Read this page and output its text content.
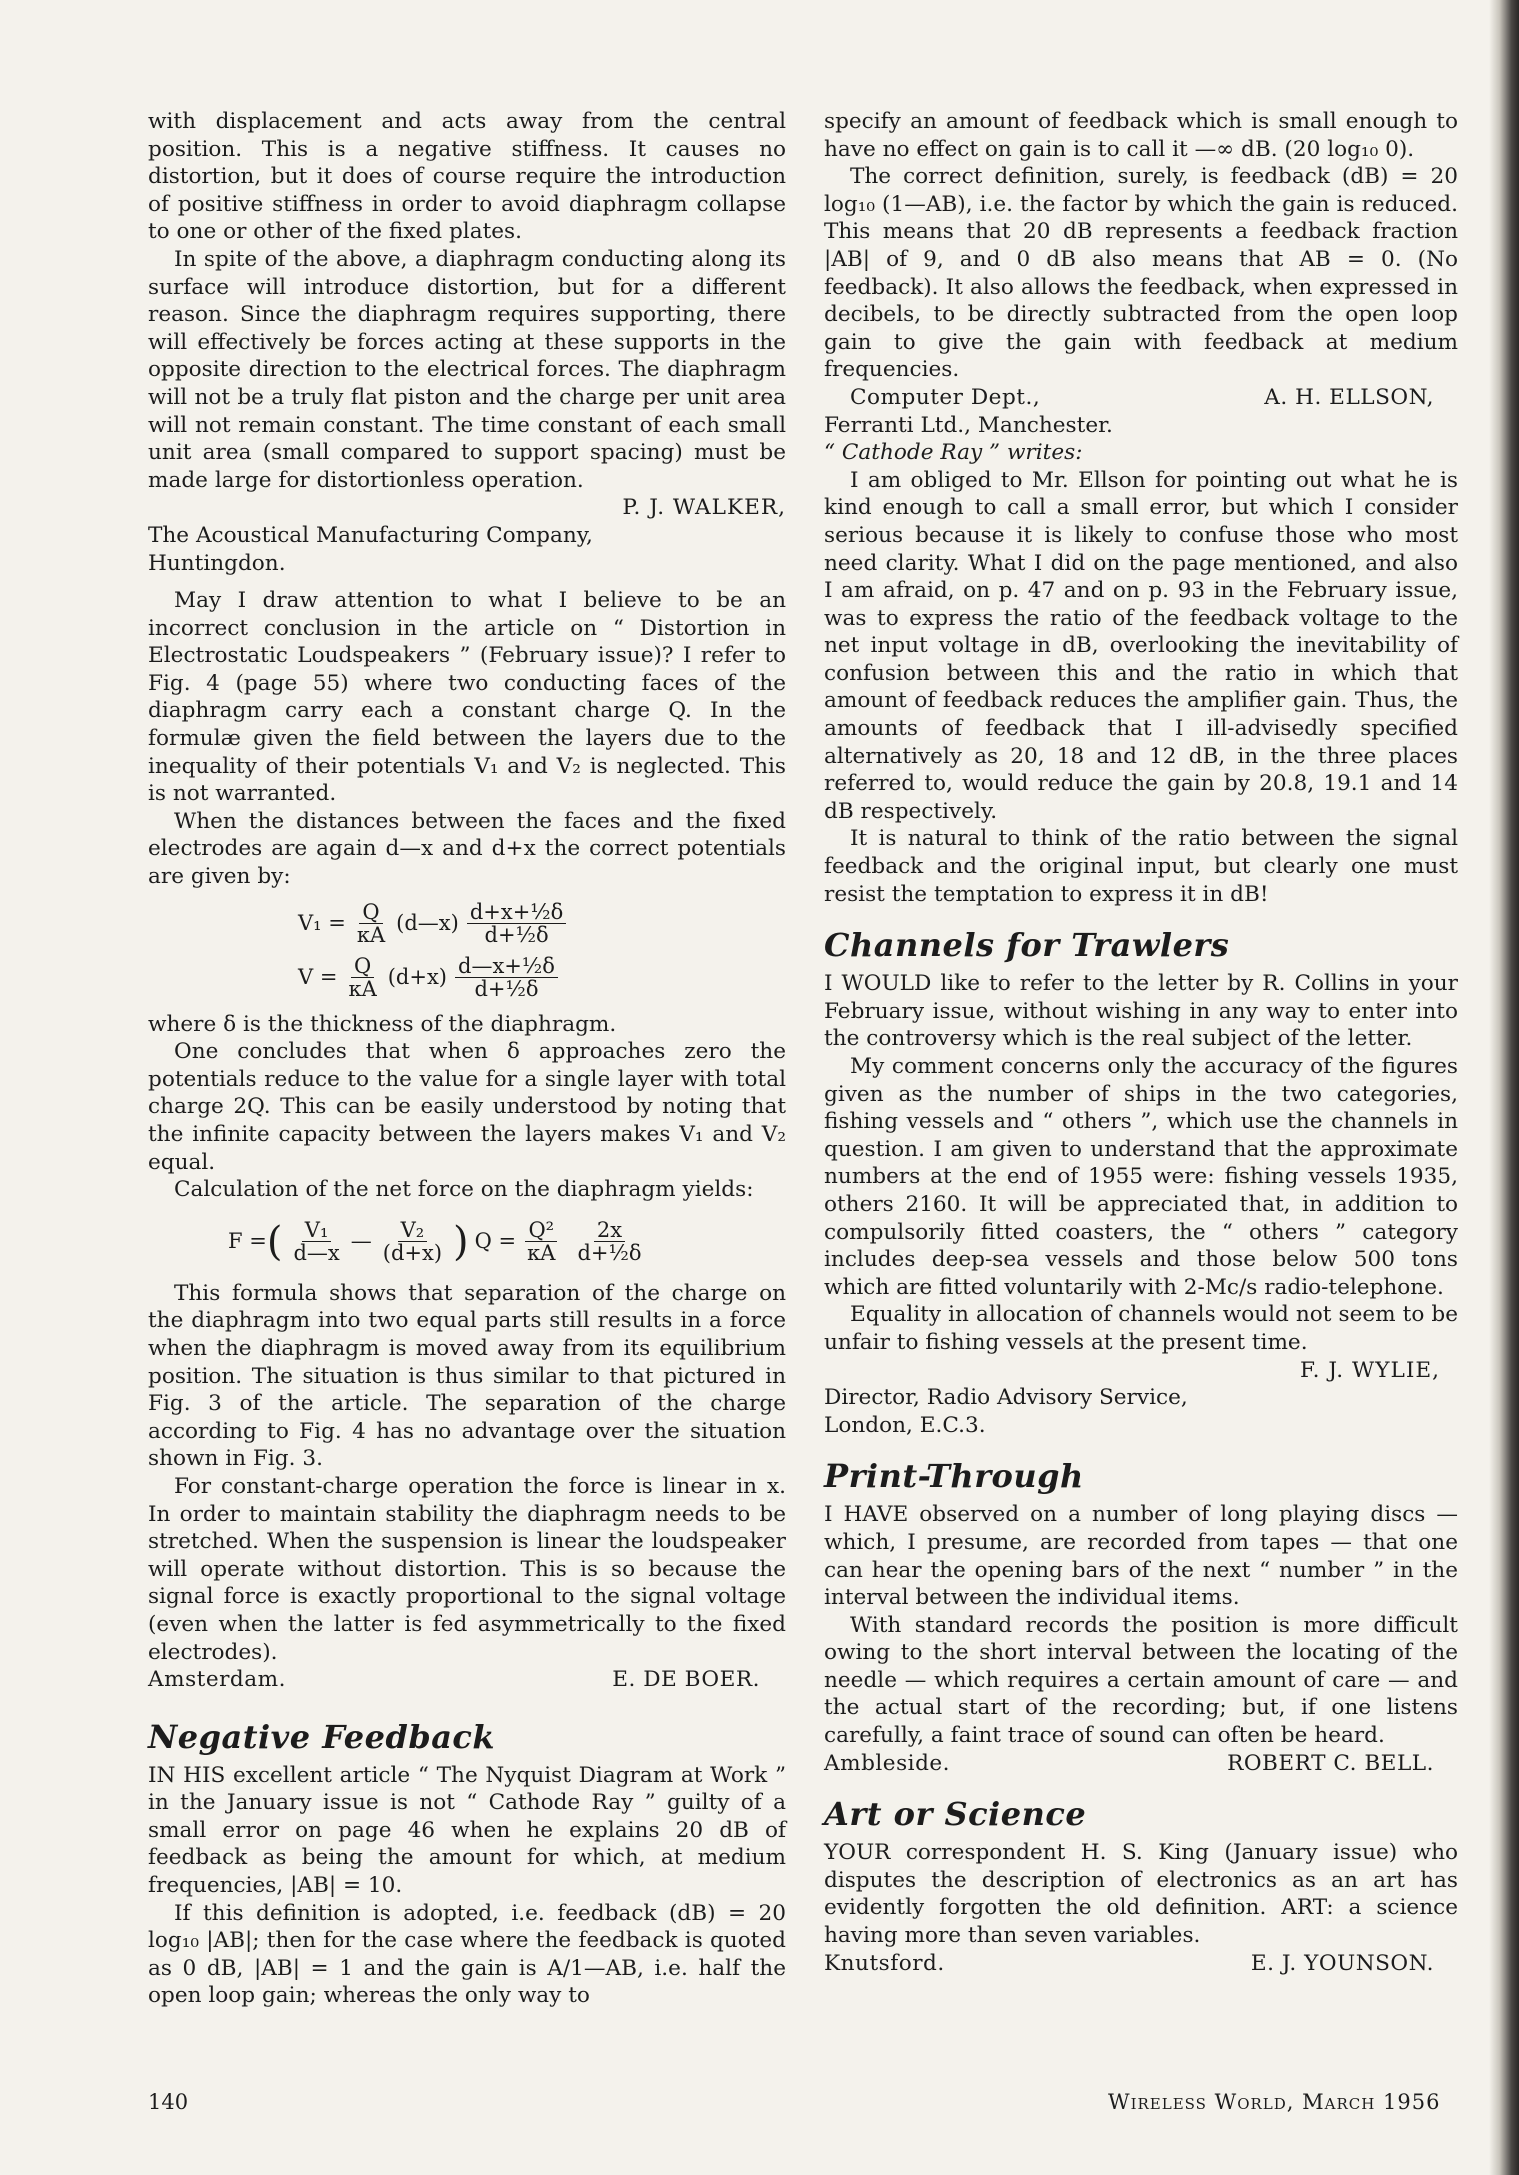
with displacement and acts away from the central position. This is a negative stiffness. It causes no distortion, but it does of course require the introduction of positive stiffness in order to avoid diaphragm collapse to one or other of the fixed plates.

In spite of the above, a diaphragm conducting along its surface will introduce distortion, but for a different reason. Since the diaphragm requires supporting, there will effectively be forces acting at these supports in the opposite direction to the electrical forces. The diaphragm will not be a truly flat piston and the charge per unit area will not remain constant. The time constant of each small unit area (small compared to support spacing) must be made large for distortionless operation.

P. J. WALKER,

The Acoustical Manufacturing Company,

Huntingdon.

May I draw attention to what I believe to be an incorrect conclusion in the article on “ Distortion in Electrostatic Loudspeakers ” (February issue)? I refer to Fig. 4 (page 55) where two conducting faces of the diaphragm carry each a constant charge Q. In the formulæ given the field between the layers due to the inequality of their potentials V₁ and V₂ is neglected. This is not warranted.

When the distances between the faces and the fixed electrodes are again d—x and d+x the correct potentials are given by:

$V_1 = \frac{Q}{\kappa A}$ (d—x) $\frac{\text{d+x+½δ}}{\text{d+½δ}}$
$V = \frac{Q}{\kappa A} (d+x) \frac{\text{d—x+½δ}}{\text{d+½δ}}$

where δ is the thickness of the diaphragm.

One concludes that when δ approaches zero the potentials reduce to the value for a single layer with total charge 2Q. This can be easily understood by noting that the infinite capacity between the layers makes V₁ and V₂ equal.

Calculation of the net force on the diaphragm yields:

F = ( $\frac{\text{V₁}}{d—x}$ — $\frac{\text{V₂}}{(d+x)}$ ) $Q = \frac{\text{Q²}}{\kappa A} \frac{2x}{\text{d+½δ}}$

This formula shows that separation of the charge on the diaphragm into two equal parts still results in a force when the diaphragm is moved away from its equilibrium position. The situation is thus similar to that pictured in Fig. 3 of the article. The separation of the charge according to Fig. 4 has no advantage over the situation shown in Fig. 3.

For constant-charge operation the force is linear in x. In order to maintain stability the diaphragm needs to be stretched. When the suspension is linear the loudspeaker will operate without distortion. This is so because the signal force is exactly proportional to the signal voltage (even when the latter is fed asymmetrically to the fixed electrodes).

Amsterdam.	E. DE BOER.
Negative Feedback

IN HIS excellent article “ The Nyquist Diagram at Work ” in the January issue is not “ Cathode Ray ” guilty of a small error on page 46 when he explains 20 dB of feedback as being the amount for which, at medium frequencies, |AB| = 10.

If this definition is adopted, i.e. feedback (dB) = 20 log₁₀ |AB|; then for the case where the feedback is quoted as 0 dB, |AB| = 1 and the gain is A/1—AB, i.e. half the open loop gain; whereas the only way to

specify an amount of feedback which is small enough to have no effect on gain is to call it —∞ dB. (20 log₁₀ 0).

The correct definition, surely, is feedback (dB) = 20 log₁₀ (1—AB), i.e. the factor by which the gain is reduced. This means that 20 dB represents a feedback fraction |AB| of 9, and 0 dB also means that AB = 0. (No feedback). It also allows the feedback, when expressed in decibels, to be directly subtracted from the open loop gain to give the gain with feedback at medium frequencies.

Computer Dept.,	A. H. ELLSON,

Ferranti Ltd., Manchester.

“ Cathode Ray ” writes:

I am obliged to Mr. Ellson for pointing out what he is kind enough to call a small error, but which I consider serious because it is likely to confuse those who most need clarity. What I did on the page mentioned, and also I am afraid, on p. 47 and on p. 93 in the February issue, was to express the ratio of the feedback voltage to the net input voltage in dB, overlooking the inevitability of confusion between this and the ratio in which that amount of feedback reduces the amplifier gain. Thus, the amounts of feedback that I ill-advisedly specified alternatively as 20, 18 and 12 dB, in the three places referred to, would reduce the gain by 20.8, 19.1 and 14 dB respectively.

It is natural to think of the ratio between the signal feedback and the original input, but clearly one must resist the temptation to express it in dB!

Channels for Trawlers

I WOULD like to refer to the letter by R. Collins in your February issue, without wishing in any way to enter into the controversy which is the real subject of the letter.

My comment concerns only the accuracy of the figures given as the number of ships in the two categories, fishing vessels and “ others ”, which use the channels in question. I am given to understand that the approximate numbers at the end of 1955 were: fishing vessels 1935, others 2160. It will be appreciated that, in addition to compulsorily fitted coasters, the “ others ” category includes deep-sea vessels and those below 500 tons which are fitted voluntarily with 2-Mc/s radio-telephone.

Equality in allocation of channels would not seem to be unfair to fishing vessels at the present time.

F. J. WYLIE,

Director, Radio Advisory Service,

London, E.C.3.

Print-Through

I HAVE observed on a number of long playing discs — which, I presume, are recorded from tapes — that one can hear the opening bars of the next “ number ” in the interval between the individual items.

With standard records the position is more difficult owing to the short interval between the locating of the needle — which requires a certain amount of care — and the actual start of the recording; but, if one listens carefully, a faint trace of sound can often be heard.

Ambleside.	ROBERT C. BELL.
Art or Science

YOUR correspondent H. S. King (January issue) who disputes the description of electronics as an art has evidently forgotten the old definition. ART: a science having more than seven variables.

Knutsford.	E. J. YOUNSON.
140	Wireless World, March 1956
